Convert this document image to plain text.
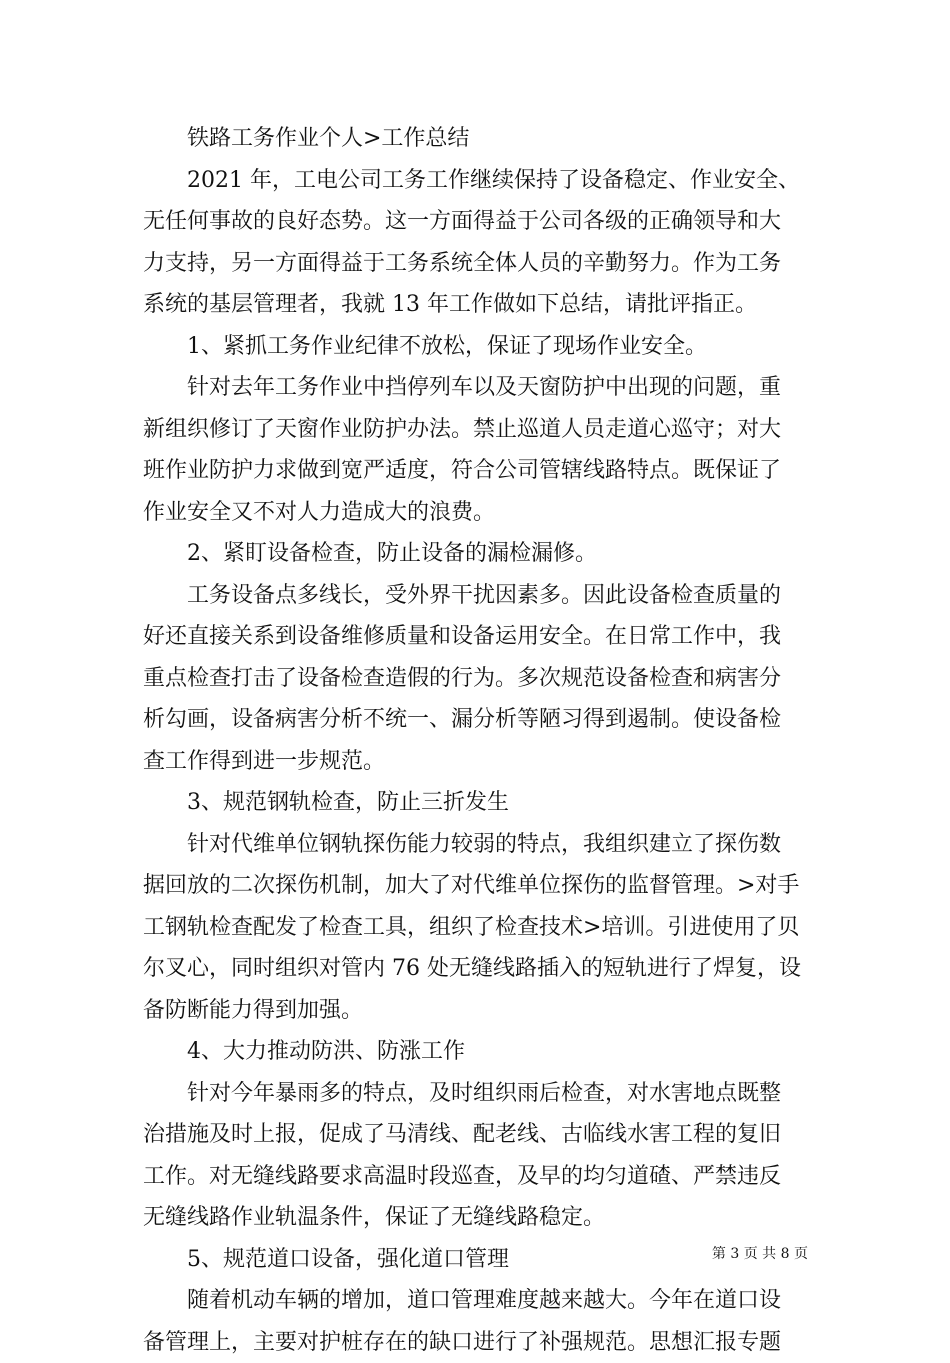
铁路工务作业个人>工作总结
2021 年，工电公司工务工作继续保持了设备稳定、作业安全、
无任何事故的良好态势。这一方面得益于公司各级的正确领导和大
力支持，另一方面得益于工务系统全体人员的辛勤努力。作为工务
系统的基层管理者，我就 13 年工作做如下总结，请批评指正。
1、紧抓工务作业纪律不放松，保证了现场作业安全。
针对去年工务作业中挡停列车以及天窗防护中出现的问题，重
新组织修订了天窗作业防护办法。禁止巡道人员走道心巡守；对大
班作业防护力求做到宽严适度，符合公司管辖线路特点。既保证了
作业安全又不对人力造成大的浪费。
2、紧盯设备检查，防止设备的漏检漏修。
工务设备点多线长，受外界干扰因素多。因此设备检查质量的
好还直接关系到设备维修质量和设备运用安全。在日常工作中，我
重点检查打击了设备检查造假的行为。多次规范设备检查和病害分
析勾画，设备病害分析不统一、漏分析等陋习得到遏制。使设备检
查工作得到进一步规范。
3、规范钢轨检查，防止三折发生
针对代维单位钢轨探伤能力较弱的特点，我组织建立了探伤数
据回放的二次探伤机制，加大了对代维单位探伤的监督管理。>对手
工钢轨检查配发了检查工具，组织了检查技术>培训。引进使用了贝
尔叉心，同时组织对管内 76 处无缝线路插入的短轨进行了焊复，设
备防断能力得到加强。
4、大力推动防洪、防涨工作
针对今年暴雨多的特点，及时组织雨后检查，对水害地点既整
治措施及时上报，促成了马清线、配老线、古临线水害工程的复旧
工作。对无缝线路要求高温时段巡查，及早的均匀道碴、严禁违反
无缝线路作业轨温条件，保证了无缝线路稳定。
5、规范道口设备，强化道口管理
随着机动车辆的增加，道口管理难度越来越大。今年在道口设
备管理上，主要对护桩存在的缺口进行了补强规范。思想汇报专题
第 3 页 共 8 页
